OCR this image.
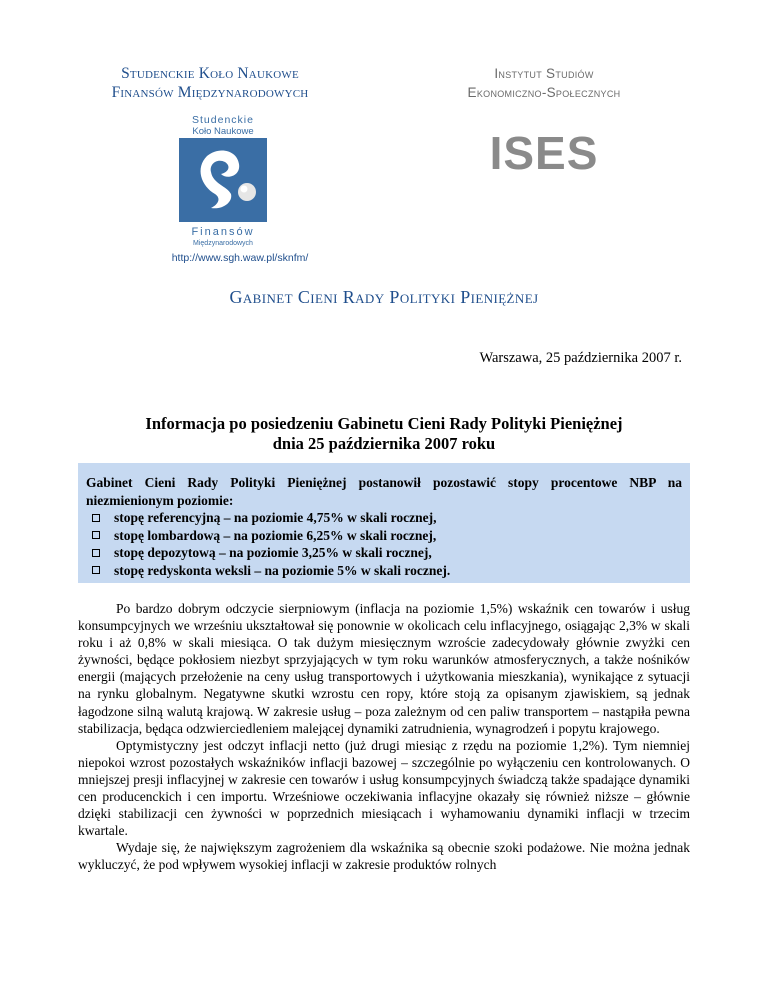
Studenckie Koło Naukowe
Finansów Międzynarodowych
Instytut Studiów
Ekonomiczno-Społecznych
Studenckie
Koło Naukowe
Finansów
Międzynarodowych
ISES
http://www.sgh.waw.pl/sknfm/
Gabinet Cieni Rady Polityki Pieniężnej
Warszawa, 25 października 2007 r.
Informacja po posiedzeniu Gabinetu Cieni Rady Polityki Pieniężnej
dnia 25 października 2007 roku
Gabinet Cieni Rady Polityki Pieniężnej postanowił pozostawić stopy procentowe NBP na niezmienionym poziomie:
stopę referencyjną – na poziomie 4,75% w skali rocznej,
stopę lombardową – na poziomie 6,25% w skali rocznej,
stopę depozytową – na poziomie 3,25% w skali rocznej,
stopę redyskonta weksli – na poziomie 5% w skali rocznej.

Po bardzo dobrym odczycie sierpniowym (inflacja na poziomie 1,5%) wskaźnik cen towarów i usług konsumpcyjnych we wrześniu ukształtował się ponownie w okolicach celu inflacyjnego, osiągając 2,3% w skali roku i aż 0,8% w skali miesiąca. O tak dużym miesięcznym wzroście zadecydowały głównie zwyżki cen żywności, będące pokłosiem niezbyt sprzyjających w tym roku warunków atmosferycznych, a także nośników energii (mających przełożenie na ceny usług transportowych i użytkowania mieszkania), wynikające z sytuacji na rynku globalnym. Negatywne skutki wzrostu cen ropy, które stoją za opisanym zjawiskiem, są jednak łagodzone silną walutą krajową. W zakresie usług – poza zależnym od cen paliw transportem – nastąpiła pewna stabilizacja, będąca odzwierciedleniem malejącej dynamiki zatrudnienia, wynagrodzeń i popytu krajowego.

Optymistyczny jest odczyt inflacji netto (już drugi miesiąc z rzędu na poziomie 1,2%). Tym niemniej niepokoi wzrost pozostałych wskaźników inflacji bazowej – szczególnie po wyłączeniu cen kontrolowanych. O mniejszej presji inflacyjnej w zakresie cen towarów i usług konsumpcyjnych świadczą także spadające dynamiki cen producenckich i cen importu. Wrześniowe oczekiwania inflacyjne okazały się również niższe – głównie dzięki stabilizacji cen żywności w poprzednich miesiącach i wyhamowaniu dynamiki inflacji w trzecim kwartale.

Wydaje się, że największym zagrożeniem dla wskaźnika są obecnie szoki podażowe. Nie można jednak wykluczyć, że pod wpływem wysokiej inflacji w zakresie produktów rolnych
